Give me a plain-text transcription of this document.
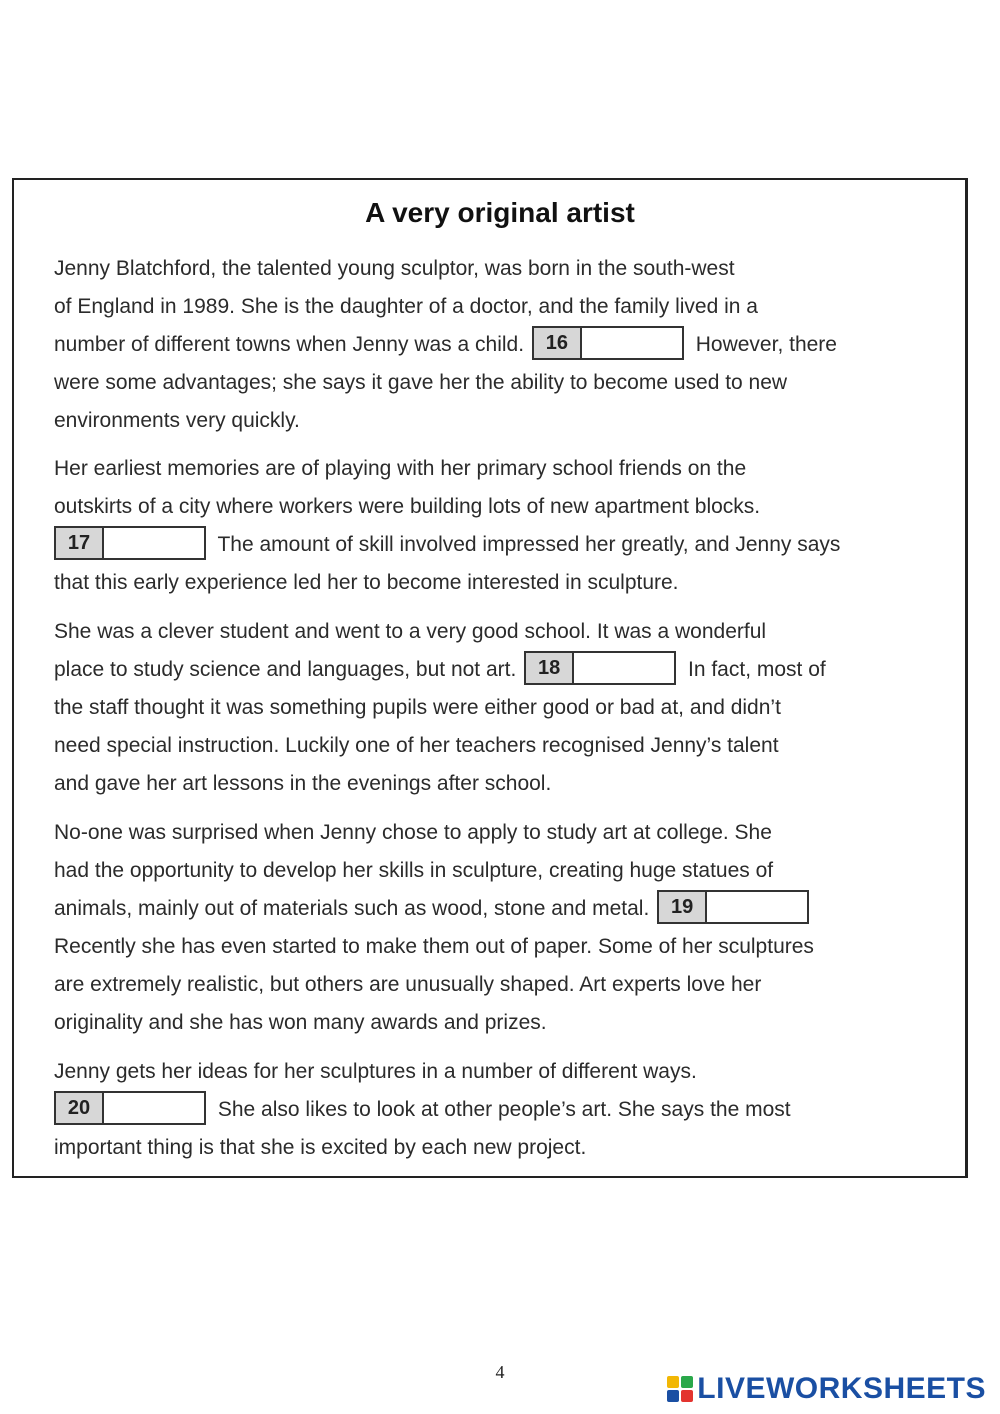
A very original artist
Jenny Blatchford, the talented young sculptor, was born in the south-west
of England in 1989. She is the daughter of a doctor, and the family lived in a
number of different towns when Jenny was a child.	16	However, there
were some advantages; she says it gave her the ability to become used to new
environments very quickly.
Her earliest memories are of playing with her primary school friends on the
outskirts of a city where workers were building lots of new apartment blocks.
17	The amount of skill involved impressed her greatly, and Jenny says
that this early experience led her to become interested in sculpture.
She was a clever student and went to a very good school. It was a wonderful
place to study science and languages, but not art.	18	In fact, most of
the staff thought it was something pupils were either good or bad at, and didn’t
need special instruction. Luckily one of her teachers recognised Jenny’s talent
and gave her art lessons in the evenings after school.
No-one was surprised when Jenny chose to apply to study art at college. She
had the opportunity to develop her skills in sculpture, creating huge statues of
animals, mainly out of materials such as wood, stone and metal.	19
Recently she has even started to make them out of paper. Some of her sculptures
are extremely realistic, but others are unusually shaped. Art experts love her
originality and she has won many awards and prizes.
Jenny gets her ideas for her sculptures in a number of different ways.
20	She also likes to look at other people’s art. She says the most
important thing is that she is excited by each new project.
4	LIVEWORKSHEETS
